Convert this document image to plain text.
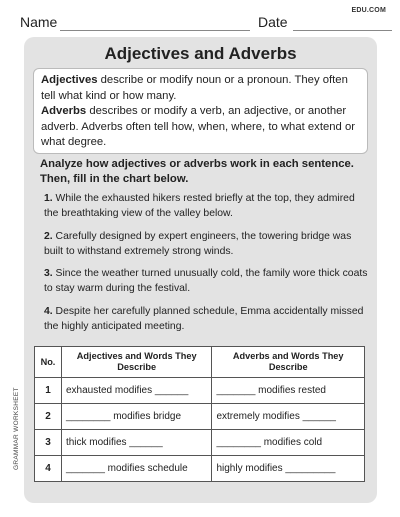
Name	Date
EDU.COM
Adjectives and Adverbs

Adjectives describe or modify noun or a pronoun. They often tell what kind or how many.

Adverbs describes or modify a verb, an adjective, or another adverb. Adverbs often tell how, when, where, to what extend or what degree.

Analyze how adjectives or adverbs work in each sentence. Then, fill in the chart below.
1. While the exhausted hikers rested briefly at the top, they admired the breathtaking view of the valley below.
2. Carefully designed by expert engineers, the towering bridge was built to withstand extremely strong winds.
3. Since the weather turned unusually cold, the family wore thick coats to stay warm during the festival.
4. Despite her carefully planned schedule, Emma accidentally missed the highly anticipated meeting.
No.	Adjectives and Words They Describe	Adverbs and Words They Describe
1	exhausted modifies ______	_______ modifies rested
2	________ modifies bridge	extremely modifies ______
3	thick modifies ______	________ modifies cold
4	_______ modifies schedule	highly modifies _________
GRAMMAR WORKSHEET
